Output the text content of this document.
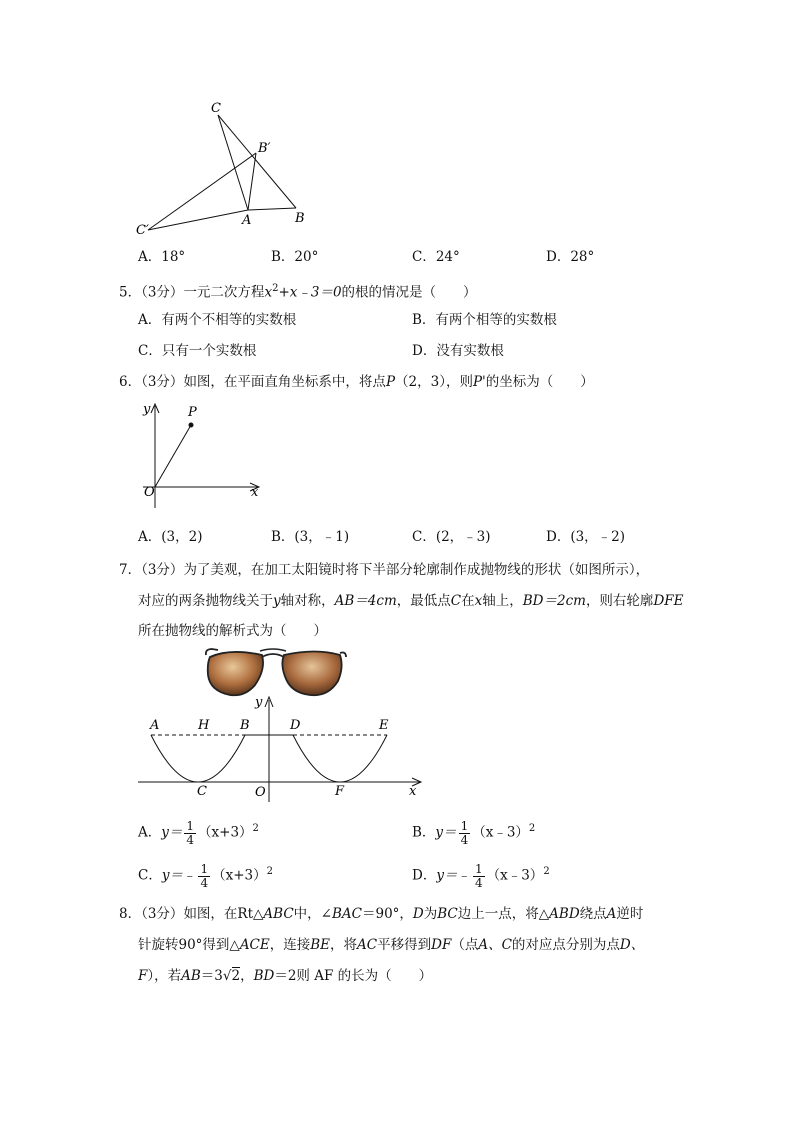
C
B′
C′
A	B
A．18°	B．20°	C．24°	D．28°
5．（3分）一元二次方程$x^2+x﹣3=0$的根的情况是（　　）
A．有两个不相等的实数根	B．有两个相等的实数根
C．只有一个实数根	D．没有实数根
6．（3分）如图，在平面直角坐标系中，将点P（2，3），则P'的坐标为（　　）
y	P
O	x
A．(3，2)	B．(3，﹣1)	C．(2，﹣3)	D．(3，﹣2)
7．（3分）为了美观，在加工太阳镜时将下半部分轮廓制作成抛物线的形状（如图所示），
对应的两条抛物线关于y轴对称，AB＝4cm，最低点C在x轴上，BD＝2cm，则右轮廓DFE
所在抛物线的解析式为（　　）
y
A	H B	D	E
C	O	F	x
A．$y= \frac{1}{4} (x+3)^2$	B．$y= \frac{1}{4}$ （x﹣3）$^2$
C．y＝﹣ $\frac{1}{4} (x+3)^2$	D．y＝﹣ $\frac{1}{4}$ （x﹣3）$^2$
8．（3分）如图，在Rt△ABC中，∠BAC＝90°，D为BC边上一点，将△ABD绕点A逆时
针旋转90°得到△ACE，连接BE，将AC平移得到DF（点A、C的对应点分别为点D、
F），若AB＝3√2，BD＝2则 AF 的长为（　　）
